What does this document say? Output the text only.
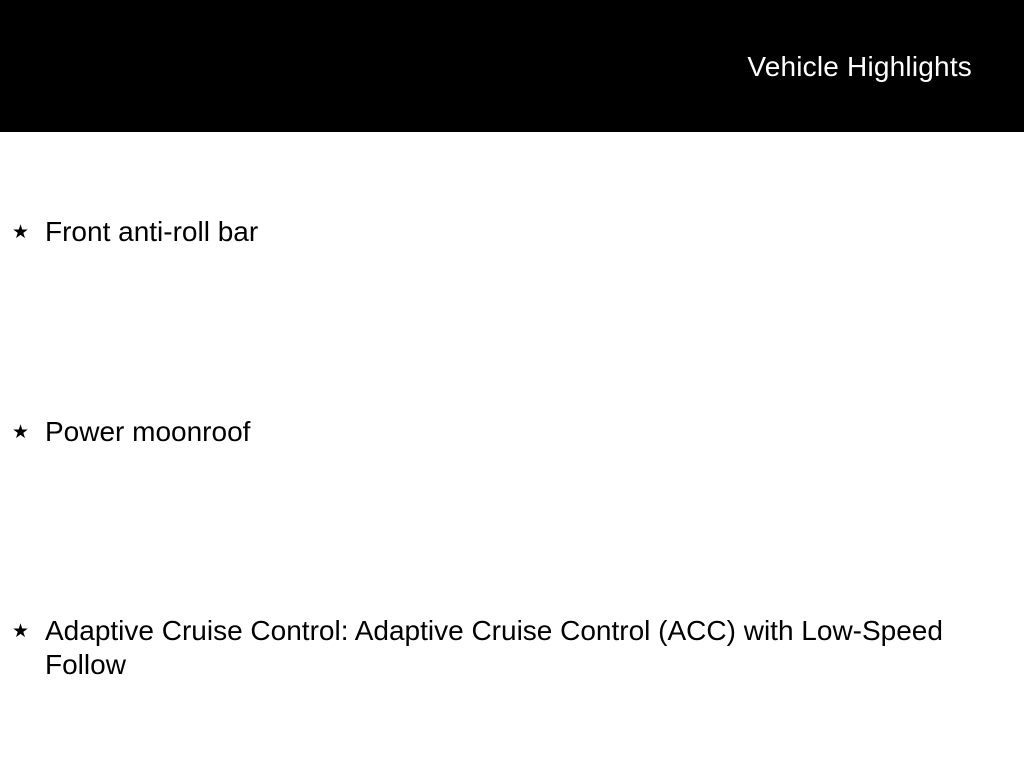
Vehicle Highlights
★ Front anti-roll bar
★ Power moonroof
★ Adaptive Cruise Control: Adaptive Cruise Control (ACC) with Low-Speed Follow
